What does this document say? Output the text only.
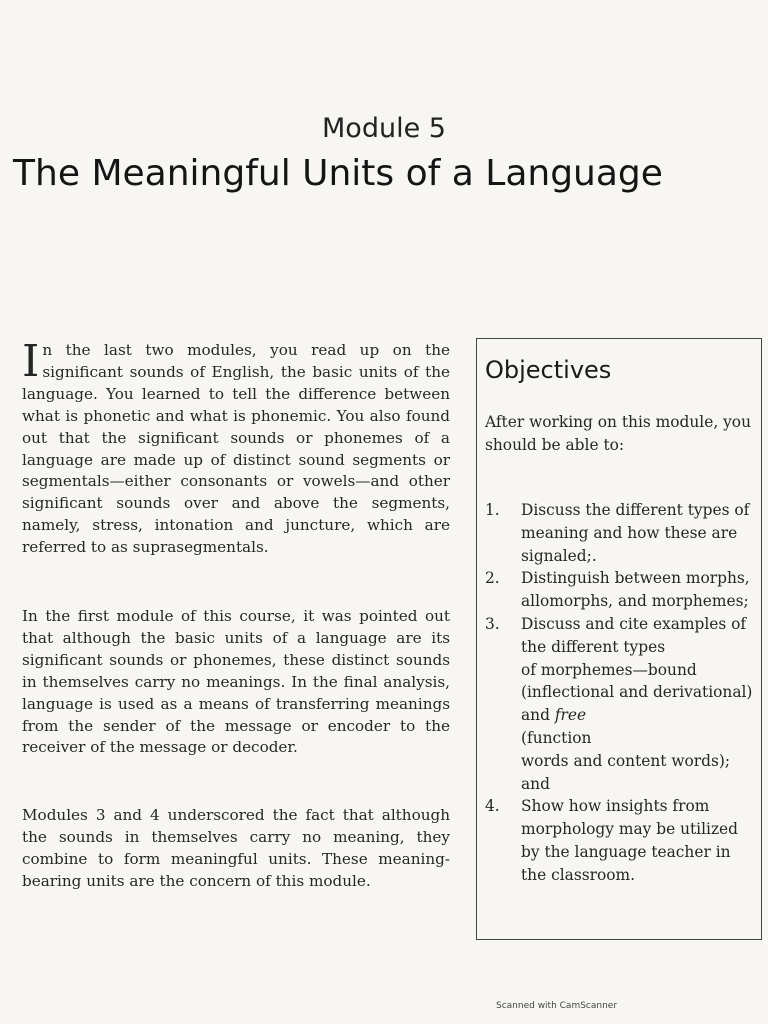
Module 5
The Meaningful Units of a Language
In the last two modules, you read up on the significant sounds of English, the basic units of the language. You learned to tell the difference between what is phonetic and what is phonemic. You also found out that the significant sounds or phonemes of a language are made up of distinct sound segments or segmentals—either consonants or vowels—and other significant sounds over and above the segments, namely, stress, intonation and juncture, which are referred to as suprasegmentals.
In the first module of this course, it was pointed out that although the basic units of a language are its significant sounds or phonemes, these distinct sounds in themselves carry no meanings. In the final analysis, language is used as a means of transferring meanings from the sender of the message or encoder to the receiver of the message or decoder.
Modules 3 and 4 underscored the fact that although the sounds in themselves carry no meaning, they combine to form meaningful units. These meaning-bearing units are the concern of this module.
Objectives
After working on this module, you should be able to:
1. Discuss the different types of meaning and how these are signaled;.
2. Distinguish between morphs, allomorphs, and morphemes;
3. Discuss and cite examples of the different types
of morphemes—bound (inflectional and derivational) and free
(function
words and content words); and
4. Show how insights from morphology may be utilized by the language teacher in the classroom.
Scanned with CamScanner
